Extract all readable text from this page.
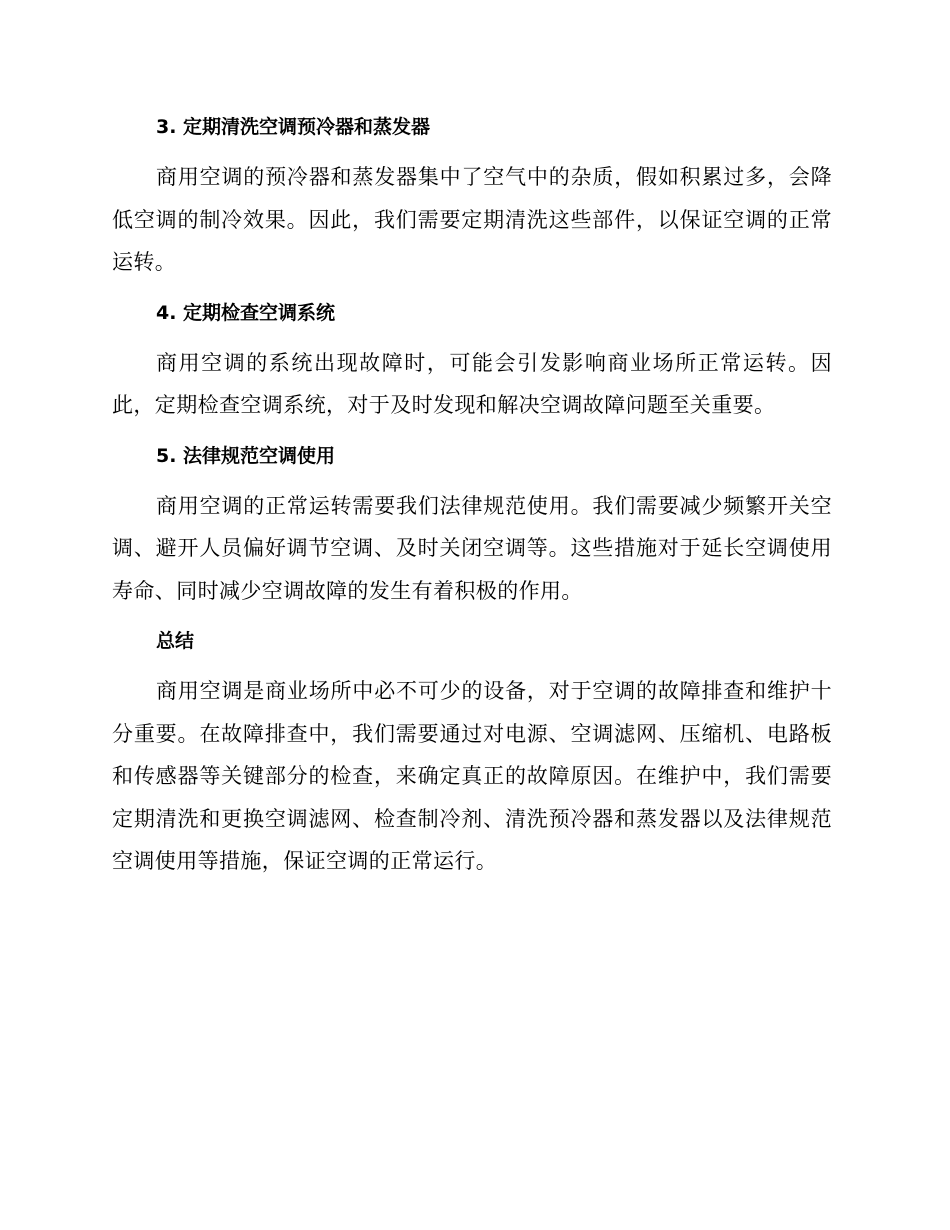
3. 定期清洗空调预冷器和蒸发器

商用空调的预冷器和蒸发器集中了空气中的杂质，假如积累过多，会降低空调的制冷效果。因此，我们需要定期清洗这些部件，以保证空调的正常运转。

4. 定期检查空调系统

商用空调的系统出现故障时，可能会引发影响商业场所正常运转。因此，定期检查空调系统，对于及时发现和解决空调故障问题至关重要。

5. 法律规范空调使用

商用空调的正常运转需要我们法律规范使用。我们需要减少频繁开关空调、避开人员偏好调节空调、及时关闭空调等。这些措施对于延长空调使用寿命、同时减少空调故障的发生有着积极的作用。

总结

商用空调是商业场所中必不可少的设备，对于空调的故障排查和维护十分重要。在故障排查中，我们需要通过对电源、空调滤网、压缩机、电路板和传感器等关键部分的检查，来确定真正的故障原因。在维护中，我们需要定期清洗和更换空调滤网、检查制冷剂、清洗预冷器和蒸发器以及法律规范空调使用等措施，保证空调的正常运行。
